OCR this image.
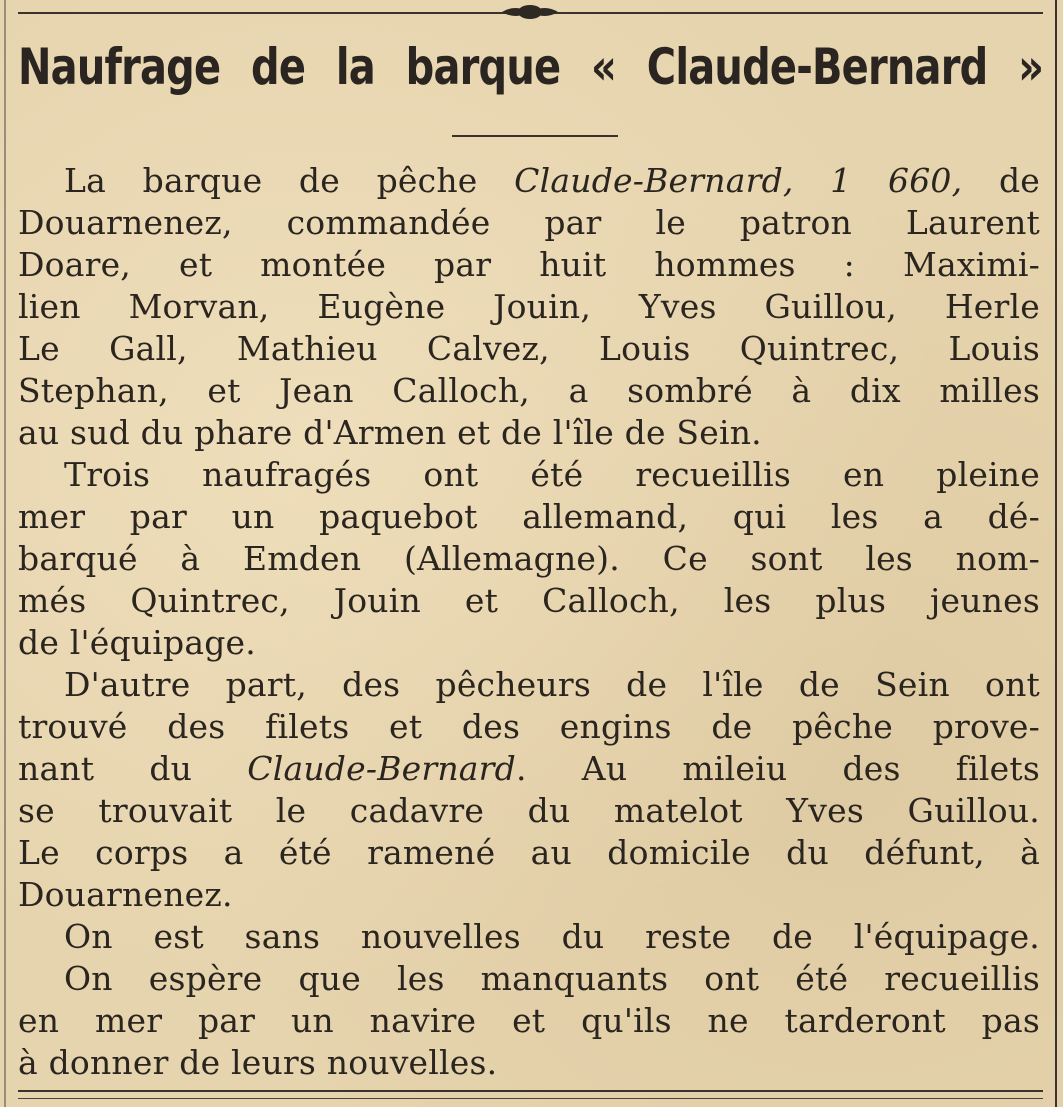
Naufrage de la barque « Claude-Bernard »
La barque de pêche Claude-Bernard, 1 660, de
Douarnenez, commandée par le patron Laurent
Doare, et montée par huit hommes : Maximi-
lien Morvan, Eugène Jouin, Yves Guillou, Herle
Le Gall, Mathieu Calvez, Louis Quintrec, Louis
Stephan, et Jean Calloch, a sombré à dix milles
au sud du phare d'Armen et de l'île de Sein.
Trois naufragés ont été recueillis en pleine
mer par un paquebot allemand, qui les a dé-
barqué à Emden (Allemagne). Ce sont les nom-
més Quintrec, Jouin et Calloch, les plus jeunes
de l'équipage.
D'autre part, des pêcheurs de l'île de Sein ont
trouvé des filets et des engins de pêche prove-
nant du Claude-Bernard. Au mileiu des filets
se trouvait le cadavre du matelot Yves Guillou.
Le corps a été ramené au domicile du défunt, à
Douarnenez.
On est sans nouvelles du reste de l'équipage.
On espère que les manquants ont été recueillis
en mer par un navire et qu'ils ne tarderont pas
à donner de leurs nouvelles.
